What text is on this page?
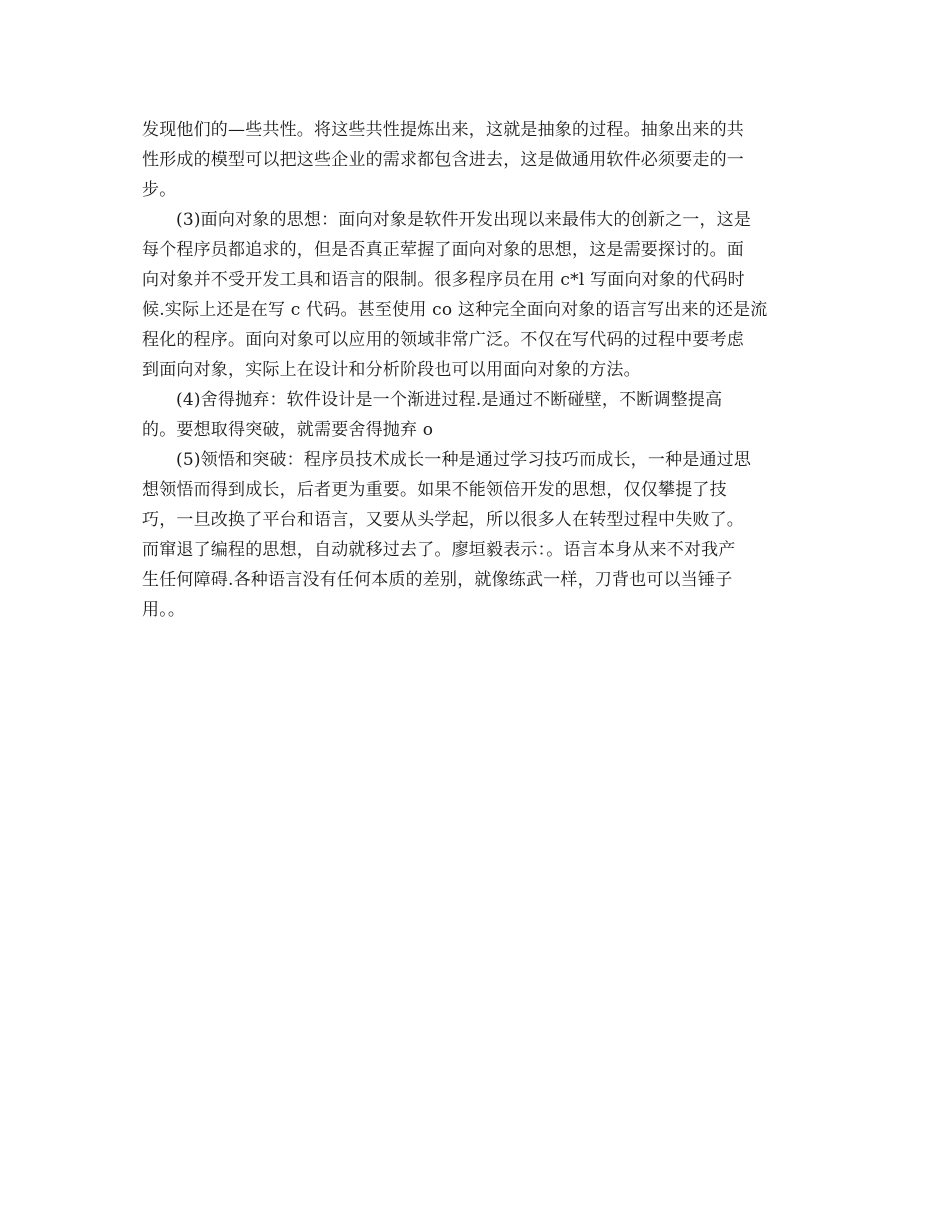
发现他们的—些共性。将这些共性提炼出来，这就是抽象的过程。抽象出来的共
性形成的模型可以把这些企业的需求都包含进去，这是做通用软件必须要走的一
步。
(3)面向对象的思想：面向对象是软件开发出现以来最伟大的创新之一，这是
每个程序员都追求的，但是否真正荤握了面向对象的思想，这是需要探讨的。面
向对象并不受开发工具和语言的限制。很多程序员在用 c*l 写面向对象的代码时
候.实际上还是在写 c 代码。甚至使用 co 这种完全面向对象的语言写出来的还是流
程化的程序。面向对象可以应用的领域非常广泛。不仅在写代码的过程中要考虑
到面向对象，实际上在设计和分析阶段也可以用面向对象的方法。
(4)舍得抛弃：软件设计是一个渐进过程.是通过不断碰壁，不断调整提高
的。要想取得突破，就需要舍得抛弃 o
(5)领悟和突破：程序员技术成长一种是通过学习技巧而成长，一种是通过思
想领悟而得到成长，后者更为重要。如果不能领倍开发的思想，仅仅攀提了技
巧，一旦改换了平台和语言，又要从头学起，所以很多人在转型过程中失败了。
而窜退了编程的思想，自动就移过去了。廖垣毅表示：。语言本身从来不对我产
生任何障碍.各种语言没有任何本质的差别，就像练武一样，刀背也可以当锤子
用。。
